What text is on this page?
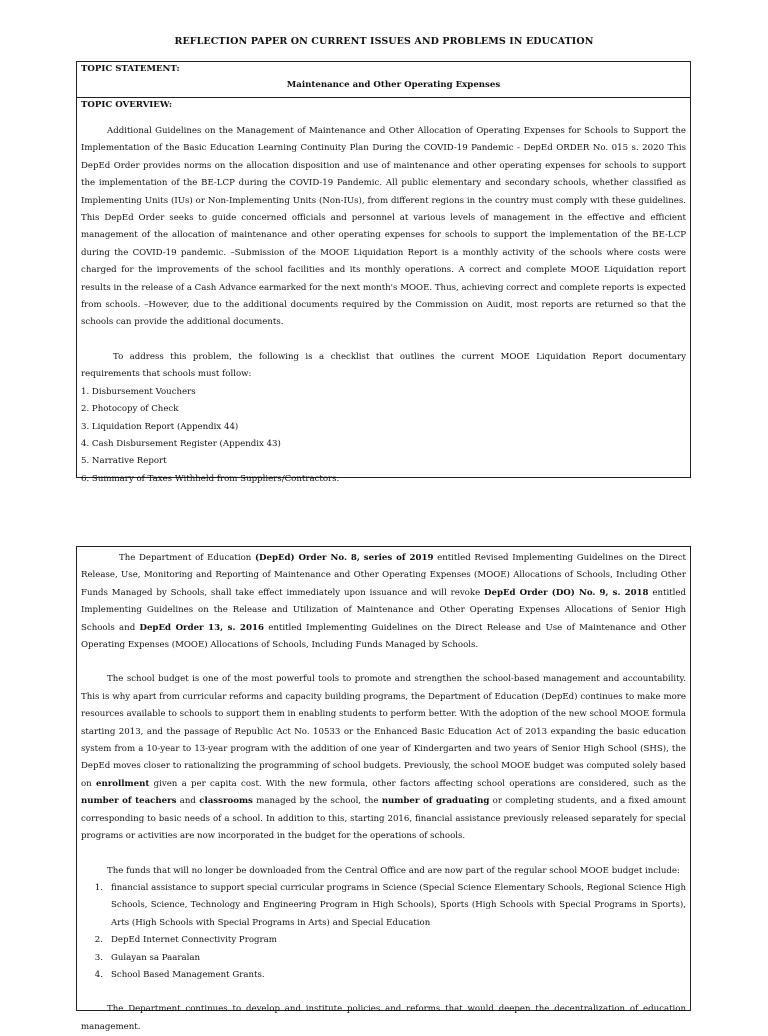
REFLECTION PAPER ON CURRENT ISSUES AND PROBLEMS IN EDUCATION
TOPIC STATEMENT:
Maintenance and Other Operating Expenses
TOPIC OVERVIEW:

Additional Guidelines on the Management of Maintenance and Other Allocation of Operating Expenses for Schools to Support the Implementation of the Basic Education Learning Continuity Plan During the COVID-19 Pandemic - DepEd ORDER No. 015 s. 2020 This DepEd Order provides norms on the allocation disposition and use of maintenance and other operating expenses for schools to support the implementation of the BE-LCP during the COVID-19 Pandemic. All public elementary and secondary schools, whether classified as Implementing Units (IUs) or Non-Implementing Units (Non-IUs), from different regions in the country must comply with these guidelines. This DepEd Order seeks to guide concerned officials and personnel at various levels of management in the effective and efficient management of the allocation of maintenance and other operating expenses for schools to support the implementation of the BE-LCP during the COVID-19 pandemic. –Submission of the MOOE Liquidation Report is a monthly activity of the schools where costs were charged for the improvements of the school facilities and its monthly operations. A correct and complete MOOE Liquidation report results in the release of a Cash Advance earmarked for the next month's MOOE. Thus, achieving correct and complete reports is expected from schools. –However, due to the additional documents required by the Commission on Audit, most reports are returned so that the schools can provide the additional documents.

To address this problem, the following is a checklist that outlines the current MOOE Liquidation Report documentary requirements that schools must follow:

1. Disbursement Vouchers
2. Photocopy of Check
3. Liquidation Report (Appendix 44)
4. Cash Disbursement Register (Appendix 43)
5. Narrative Report
6. Summary of Taxes Withheld from Suppliers/Contractors.

The Department of Education (DepEd) Order No. 8, series of 2019 entitled Revised Implementing Guidelines on the Direct Release, Use, Monitoring and Reporting of Maintenance and Other Operating Expenses (MOOE) Allocations of Schools, Including Other Funds Managed by Schools, shall take effect immediately upon issuance and will revoke DepEd Order (DO) No. 9, s. 2018 entitled Implementing Guidelines on the Release and Utilization of Maintenance and Other Operating Expenses Allocations of Senior High Schools and DepEd Order 13, s. 2016 entitled Implementing Guidelines on the Direct Release and Use of Maintenance and Other Operating Expenses (MOOE) Allocations of Schools, Including Funds Managed by Schools.

The school budget is one of the most powerful tools to promote and strengthen the school-based management and accountability. This is why apart from curricular reforms and capacity building programs, the Department of Education (DepEd) continues to make more resources available to schools to support them in enabling students to perform better. With the adoption of the new school MOOE formula starting 2013, and the passage of Republic Act No. 10533 or the Enhanced Basic Education Act of 2013 expanding the basic education system from a 10-year to 13-year program with the addition of one year of Kindergarten and two years of Senior High School (SHS), the DepEd moves closer to rationalizing the programming of school budgets. Previously, the school MOOE budget was computed solely based on enrollment given a per capita cost. With the new formula, other factors affecting school operations are considered, such as the number of teachers and classrooms managed by the school, the number of graduating or completing students, and a fixed amount corresponding to basic needs of a school. In addition to this, starting 2016, financial assistance previously released separately for special programs or activities are now incorporated in the budget for the operations of schools.

The funds that will no longer be downloaded from the Central Office and are now part of the regular school MOOE budget include:

1. financial assistance to support special curricular programs in Science (Special Science Elementary Schools, Regional Science High Schools, Science, Technology and Engineering Program in High Schools), Sports (High Schools with Special Programs in Sports), Arts (High Schools with Special Programs in Arts) and Special Education
2. DepEd Internet Connectivity Program
3. Gulayan sa Paaralan
4. School Based Management Grants.

The Department continues to develop and institute policies and reforms that would deepen the decentralization of education management.
